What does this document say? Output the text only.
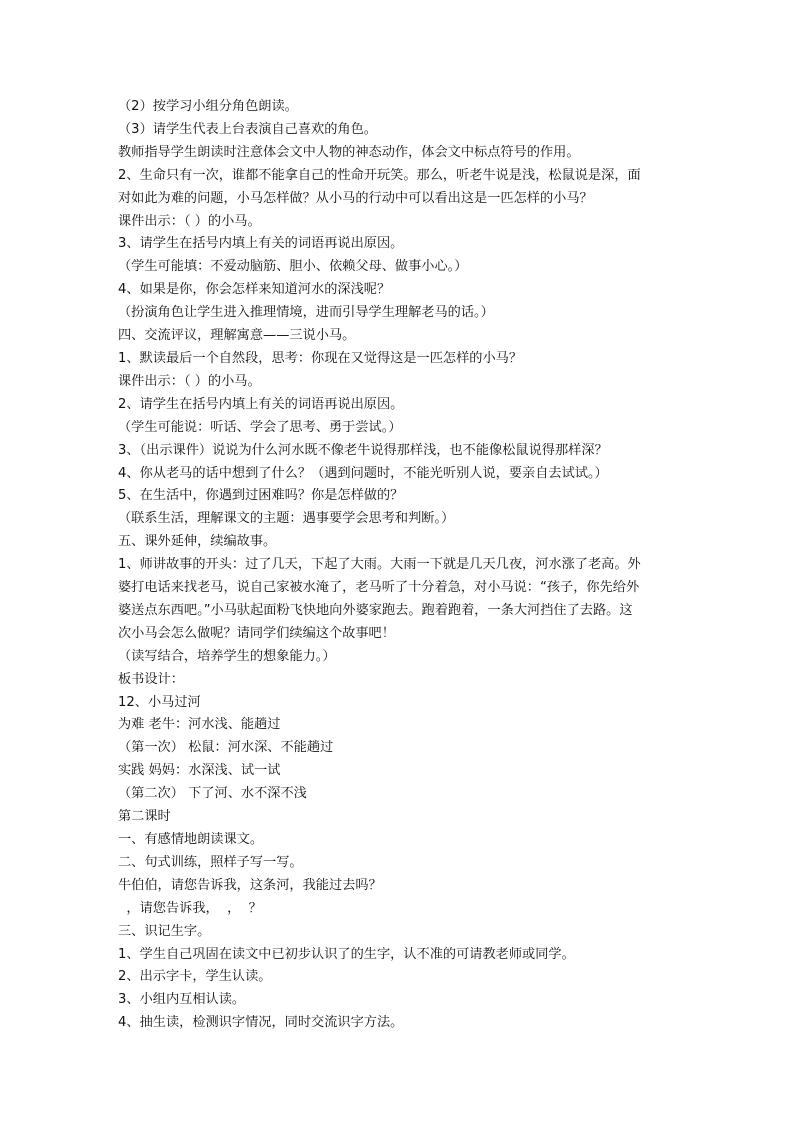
（2）按学习小组分角色朗读。
（3）请学生代表上台表演自己喜欢的角色。
教师指导学生朗读时注意体会文中人物的神态动作，体会文中标点符号的作用。
2、生命只有一次，谁都不能拿自己的性命开玩笑。那么，听老牛说是浅，松鼠说是深，面
对如此为难的问题，小马怎样做？从小马的行动中可以看出这是一匹怎样的小马？
课件出示：（ ）的小马。
3、请学生在括号内填上有关的词语再说出原因。
（学生可能填：不爱动脑筋、胆小、依赖父母、做事小心。）
4、如果是你，你会怎样来知道河水的深浅呢？
（扮演角色让学生进入推理情境，进而引导学生理解老马的话。）
四、交流评议，理解寓意——三说小马。
1、默读最后一个自然段，思考：你现在又觉得这是一匹怎样的小马？
课件出示：（ ）的小马。
2、请学生在括号内填上有关的词语再说出原因。
（学生可能说：听话、学会了思考、勇于尝试。）
3、（出示课件）说说为什么河水既不像老牛说得那样浅，也不能像松鼠说得那样深？
4、你从老马的话中想到了什么？（遇到问题时，不能光听别人说，要亲自去试试。）
5、在生活中，你遇到过困难吗？你是怎样做的？
（联系生活，理解课文的主题：遇事要学会思考和判断。）
五、课外延伸，续编故事。
1、师讲故事的开头：过了几天，下起了大雨。大雨一下就是几天几夜，河水涨了老高。外
婆打电话来找老马，说自己家被水淹了，老马听了十分着急，对小马说：“孩子，你先给外
婆送点东西吧。”小马驮起面粉飞快地向外婆家跑去。跑着跑着，一条大河挡住了去路。这
次小马会怎么做呢？请同学们续编这个故事吧！
（读写结合，培养学生的想象能力。）
板书设计：
12、小马过河
为难 老牛：河水浅、能趟过
（第一次） 松鼠：河水深、不能趟过
实践 妈妈：水深浅、试一试
（第二次） 下了河、水不深不浅
第二课时
一、有感情地朗读课文。
二、句式训练，照样子写一写。
牛伯伯，请您告诉我，这条河，我能过去吗？
，请您告诉我，  ，  ？
三、识记生字。
1、学生自己巩固在读文中已初步认识了的生字，认不准的可请教老师或同学。
2、出示字卡，学生认读。
3、小组内互相认读。
4、抽生读，检测识字情况，同时交流识字方法。
